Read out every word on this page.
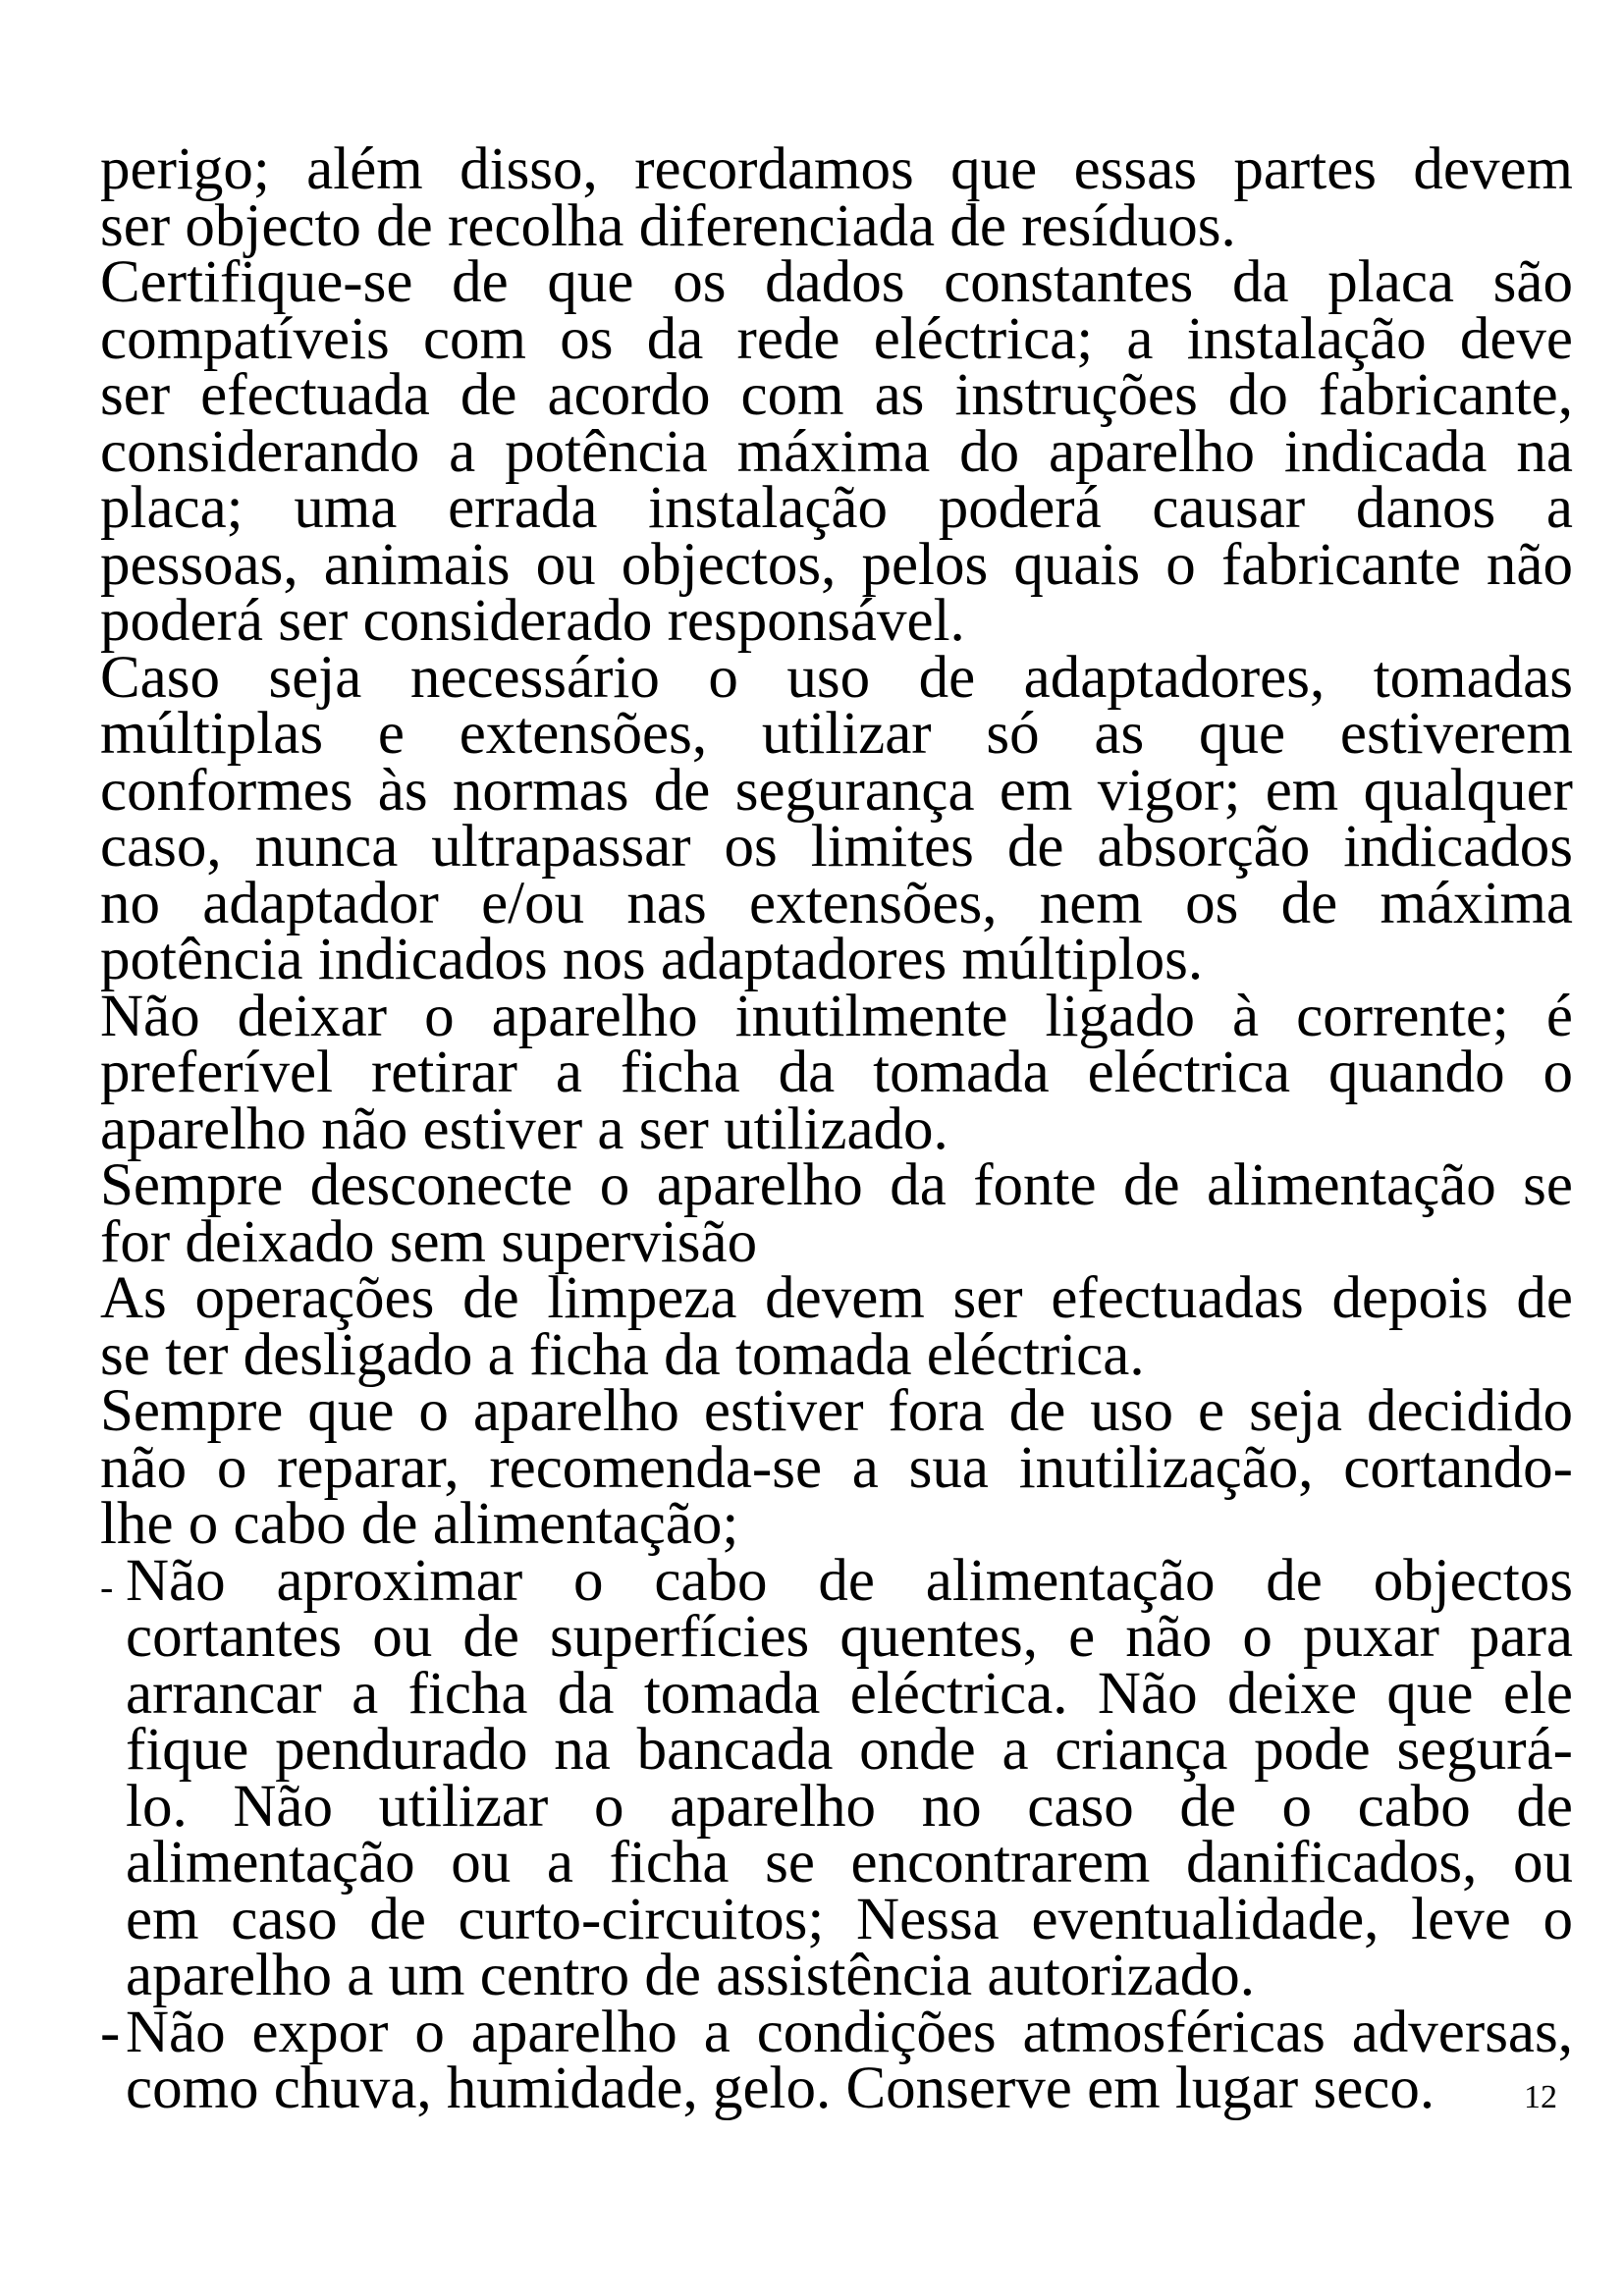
perigo; além disso, recordamos que essas partes devem
ser objecto de recolha diferenciada de resíduos.
Certifique-se de que os dados constantes da placa são
compatíveis com os da rede eléctrica; a instalação deve
ser efectuada de acordo com as instruções do fabricante,
considerando a potência máxima do aparelho indicada na
placa; uma errada instalação poderá causar danos a
pessoas, animais ou objectos, pelos quais o fabricante não
poderá ser considerado responsável.
Caso seja necessário o uso de adaptadores, tomadas
múltiplas e extensões, utilizar só as que estiverem
conformes às normas de segurança em vigor; em qualquer
caso, nunca ultrapassar os limites de absorção indicados
no adaptador e/ou nas extensões, nem os de máxima
potência indicados nos adaptadores múltiplos.
Não deixar o aparelho inutilmente ligado à corrente; é
preferível retirar a ficha da tomada eléctrica quando o
aparelho não estiver a ser utilizado.
Sempre desconecte o aparelho da fonte de alimentação se
for deixado sem supervisão
As operações de limpeza devem ser efectuadas depois de
se ter desligado a ficha da tomada eléctrica.
Sempre que o aparelho estiver fora de uso e seja decidido
não o reparar, recomenda-se a sua inutilização, cortando-
lhe o cabo de alimentação;
- Não aproximar o cabo de alimentação de objectos
cortantes ou de superfícies quentes, e não o puxar para
arrancar a ficha da tomada eléctrica. Não deixe que ele
fique pendurado na bancada onde a criança pode segurá-
lo. Não utilizar o aparelho no caso de o cabo de
alimentação ou a ficha se encontrarem danificados, ou
em caso de curto-circuitos; Nessa eventualidade, leve o
aparelho a um centro de assistência autorizado.
- Não expor o aparelho a condições atmosféricas adversas,
como chuva, humidade, gelo. Conserve em lugar seco.	12
